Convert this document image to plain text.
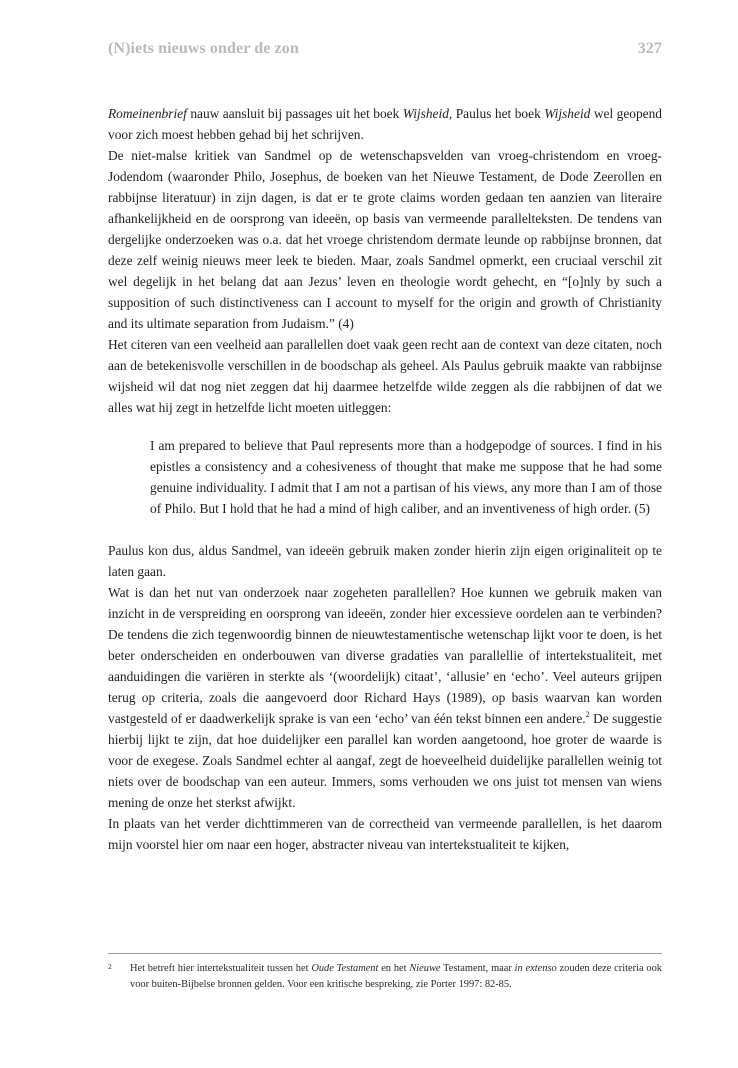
(N)iets nieuws onder de zon	327

Romeinenbrief nauw aansluit bij passages uit het boek Wijsheid, Paulus het boek Wijsheid wel geopend voor zich moest hebben gehad bij het schrijven.

De niet-malse kritiek van Sandmel op de wetenschapsvelden van vroeg-christendom en vroeg-Jodendom (waaronder Philo, Josephus, de boeken van het Nieuwe Testament, de Dode Zeerollen en rabbijnse literatuur) in zijn dagen, is dat er te grote claims worden gedaan ten aanzien van literaire afhankelijkheid en de oorsprong van ideeën, op basis van vermeende parallelteksten. De tendens van dergelijke onderzoeken was o.a. dat het vroege christendom dermate leunde op rabbijnse bronnen, dat deze zelf weinig nieuws meer leek te bieden. Maar, zoals Sandmel opmerkt, een cruciaal verschil zit wel degelijk in het belang dat aan Jezus’ leven en theologie wordt gehecht, en “[o]nly by such a supposition of such distinctiveness can I account to myself for the origin and growth of Christianity and its ultimate separation from Judaism.” (4)

Het citeren van een veelheid aan parallellen doet vaak geen recht aan de context van deze citaten, noch aan de betekenisvolle verschillen in de boodschap als geheel. Als Paulus gebruik maakte van rabbijnse wijsheid wil dat nog niet zeggen dat hij daarmee hetzelfde wilde zeggen als die rabbijnen of dat we alles wat hij zegt in hetzelfde licht moeten uitleggen:

I am prepared to believe that Paul represents more than a hodgepodge of sources. I find in his epistles a consistency and a cohesiveness of thought that make me suppose that he had some genuine individuality. I admit that I am not a partisan of his views, any more than I am of those of Philo. But I hold that he had a mind of high caliber, and an inventiveness of high order. (5)

Paulus kon dus, aldus Sandmel, van ideeën gebruik maken zonder hierin zijn eigen originaliteit op te laten gaan.

Wat is dan het nut van onderzoek naar zogeheten parallellen? Hoe kunnen we gebruik maken van inzicht in de verspreiding en oorsprong van ideeën, zonder hier excessieve oordelen aan te verbinden? De tendens die zich tegenwoordig binnen de nieuwtestamentische wetenschap lijkt voor te doen, is het beter onderscheiden en onderbouwen van diverse gradaties van parallellie of intertekstualiteit, met aanduidingen die variëren in sterkte als ‘(woordelijk) citaat’, ‘allusie’ en ‘echo’. Veel auteurs grijpen terug op criteria, zoals die aangevoerd door Richard Hays (1989), op basis waarvan kan worden vastgesteld of er daadwerkelijk sprake is van een ‘echo’ van één tekst binnen een andere.$^2$ De suggestie hierbij lijkt te zijn, dat hoe duidelijker een parallel kan worden aangetoond, hoe groter de waarde is voor de exegese. Zoals Sandmel echter al aangaf, zegt de hoeveelheid duidelijke parallellen weinig tot niets over de boodschap van een auteur. Immers, soms verhouden we ons juist tot mensen van wiens mening de onze het sterkst afwijkt.

In plaats van het verder dichttimmeren van de correctheid van vermeende parallellen, is het daarom mijn voorstel hier om naar een hoger, abstracter niveau van intertekstualiteit te kijken,

2	Het betreft hier intertekstualiteit tussen het Oude Testament en het Nieuwe Testament, maar in extenso zouden deze criteria ook voor buiten-Bijbelse bronnen gelden. Voor een kritische bespreking, zie Porter 1997: 82-85.
